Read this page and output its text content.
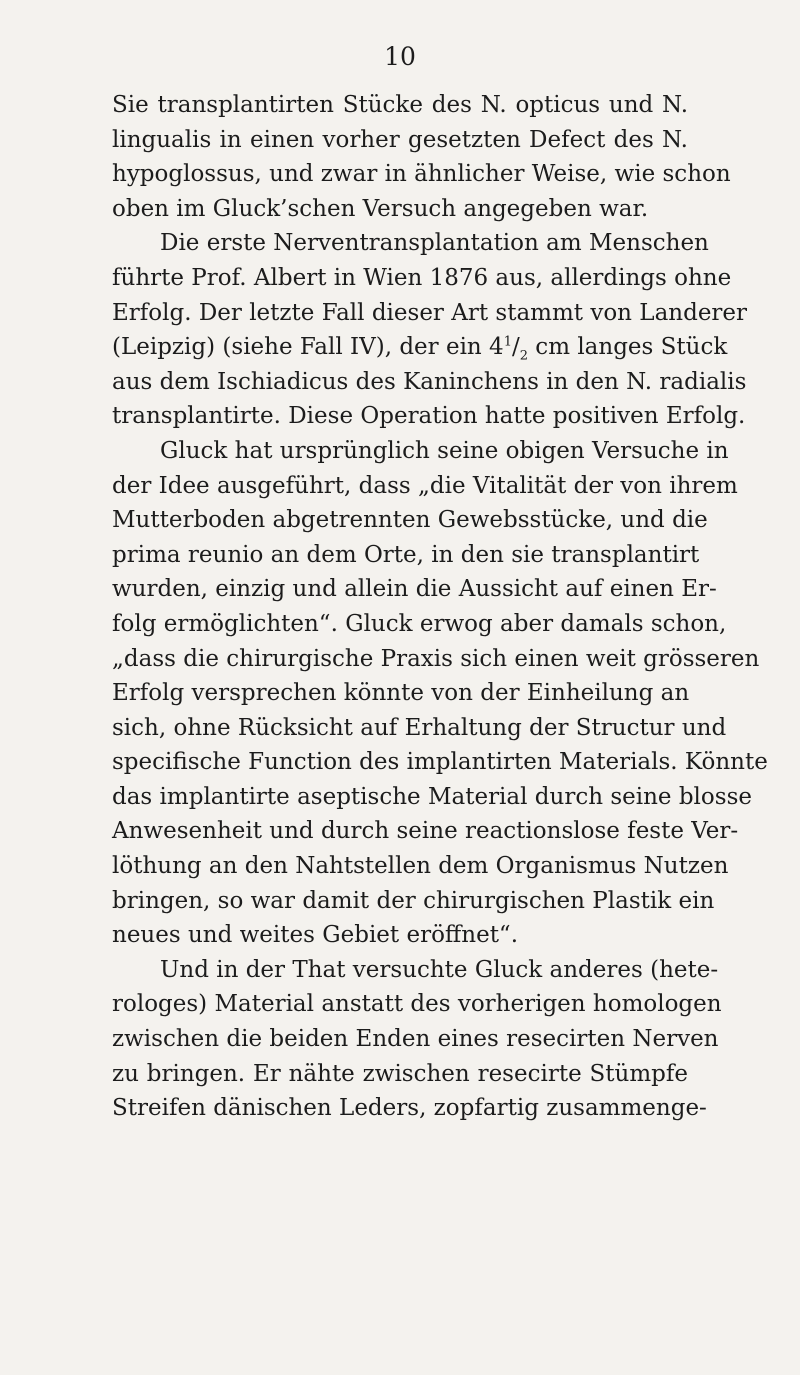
10
Sie transplantirten Stücke des N. opticus und N.
lingualis in einen vorher gesetzten Defect des N.
hypoglossus, und zwar in ähnlicher Weise, wie schon
oben im Gluck’schen Versuch angegeben war.
Die erste Nerventransplantation am Menschen
führte Prof. Albert in Wien 1876 aus, allerdings ohne
Erfolg. Der letzte Fall dieser Art stammt von Landerer
(Leipzig) (siehe Fall IV), der ein $4^1/_2$ cm langes Stück
aus dem Ischiadicus des Kaninchens in den N. radialis
transplantirte. Diese Operation hatte positiven Erfolg.
Gluck hat ursprünglich seine obigen Versuche in
der Idee ausgeführt, dass „die Vitalität der von ihrem
Mutterboden abgetrennten Gewebsstücke, und die
prima reunio an dem Orte, in den sie transplantirt
wurden, einzig und allein die Aussicht auf einen Er-
folg ermöglichten“. Gluck erwog aber damals schon,
„dass die chirurgische Praxis sich einen weit grösseren
Erfolg versprechen könnte von der Einheilung an
sich, ohne Rücksicht auf Erhaltung der Structur und
specifische Function des implantirten Materials. Könnte
das implantirte aseptische Material durch seine blosse
Anwesenheit und durch seine reactionslose feste Ver-
löthung an den Nahtstellen dem Organismus Nutzen
bringen, so war damit der chirurgischen Plastik ein
neues und weites Gebiet eröffnet“.
Und in der That versuchte Gluck anderes (hete-
rologes) Material anstatt des vorherigen homologen
zwischen die beiden Enden eines resecirten Nerven
zu bringen. Er nähte zwischen resecirte Stümpfe
Streifen dänischen Leders, zopfartig zusammenge-
